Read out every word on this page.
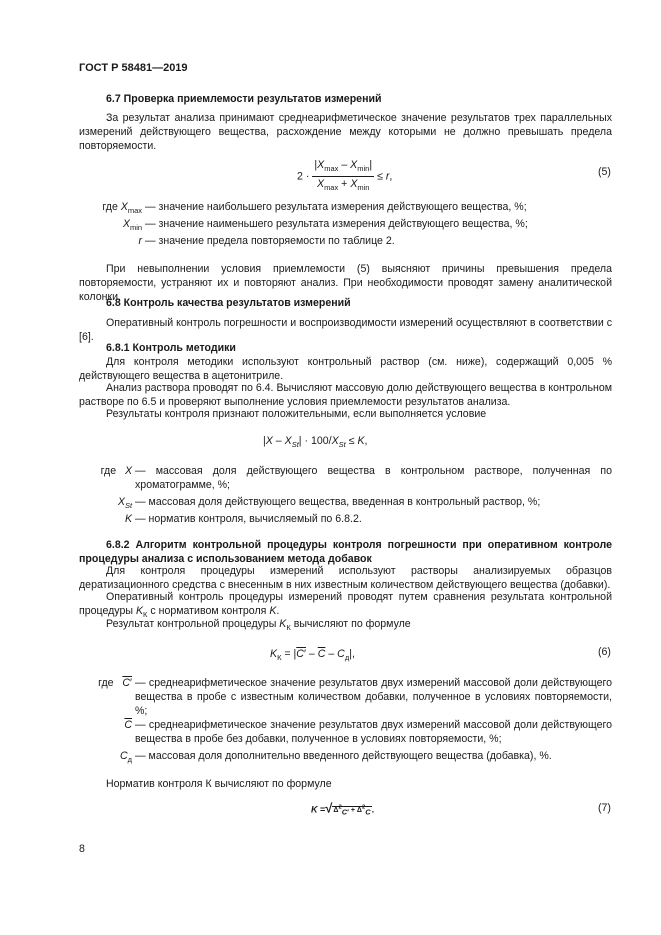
ГОСТ Р 58481—2019
6.7 Проверка приемлемости результатов измерений
За результат анализа принимают среднеарифметическое значение результатов трех параллельных измерений действующего вещества, расхождение между которыми не должно превышать предела повторяемости.
$2 \cdot \frac{|X_{max} - X_{min}|}{X_{max} + X_{min}} \le r$,	(5)
где $X_{max}$ — значение наибольшего результата измерения действующего вещества, %;
$X_{min}$ — значение наименьшего результата измерения действующего вещества, %;
r — значение предела повторяемости по таблице 2.
При невыполнении условия приемлемости (5) выясняют причины превышения предела повторяемости, устраняют их и повторяют анализ. При необходимости проводят замену аналитической колонки.
6.8 Контроль качества результатов измерений
Оперативный контроль погрешности и воспроизводимости измерений осуществляют в соответствии с [6].
6.8.1 Контроль методики
Для контроля методики используют контрольный раствор (см. ниже), содержащий 0,005 % действующего вещества в ацетонитриле.
Анализ раствора проводят по 6.4. Вычисляют массовую долю действующего вещества в контрольном растворе по 6.5 и проверяют выполнение условия приемлемости результатов анализа.
Результаты контроля признают положительными, если выполняется условие
$|X - X_{St}| \cdot 100/X_{St} \le K$,
где X — массовая доля действующего вещества в контрольном растворе, полученная по хроматограмме, %;
$X_{St}$ — массовая доля действующего вещества, введенная в контрольный раствор, %;
K — норматив контроля, вычисляемый по 6.8.2.
6.8.2 Алгоритм контрольной процедуры контроля погрешности при оперативном контроле процедуры анализа с использованием метода добавок
Для контроля процедуры измерений используют растворы анализируемых образцов дератизационного средства с внесенным в них известным количеством действующего вещества (добавки).
Оперативный контроль процедуры измерений проводят путем сравнения результата контрольной процедуры $K_К$ с нормативом контроля K.
Результат контрольной процедуры $K_К$ вычисляют по формуле
$K_К = |C' - \overline{C} - C_д|$,	(6)
где C′ — среднеарифметическое значение результатов двух измерений массовой доли действующего вещества в пробе с известным количеством добавки, полученное в условиях повторяемости, %;
$\overline{C}$ — среднеарифметическое значение результатов двух измерений массовой доли действующего вещества в пробе без добавки, полученное в условиях повторяемости, %;
$C_д$ — массовая доля дополнительно введенного действующего вещества (добавка), %.
Норматив контроля К вычисляют по формуле
$K =√\Delta^2_{C'} + \Delta^2_C$.	(7)
8
